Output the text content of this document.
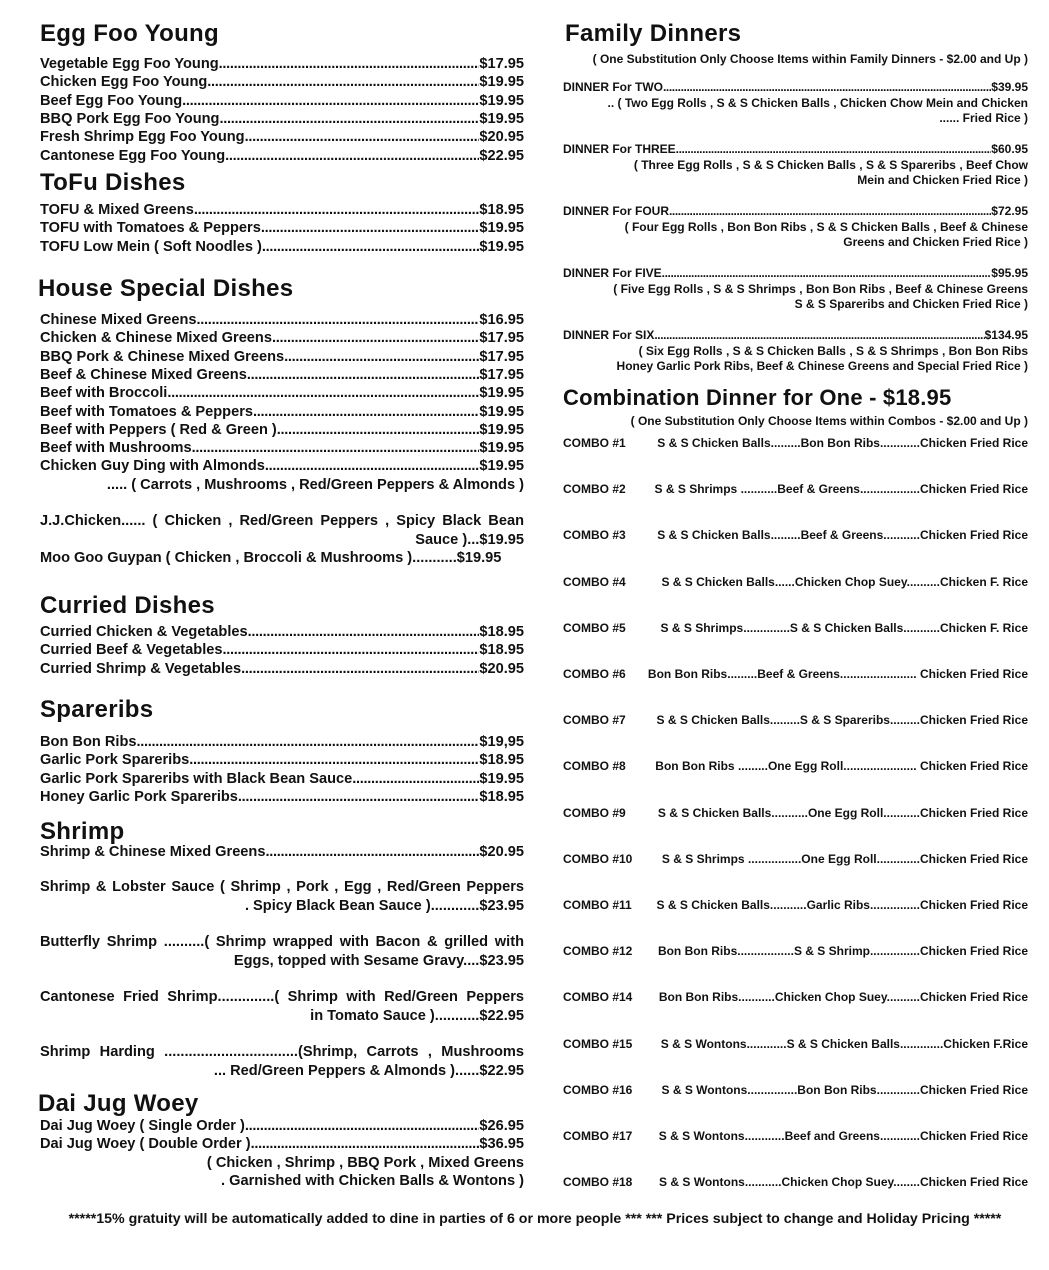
Egg Foo Young
Vegetable Egg Foo Young .....	$17.95
Chicken Egg Foo Young .....	$19.95
Beef Egg Foo Young .....	$19.95
BBQ Pork Egg Foo Young .....	$19.95
Fresh Shrimp Egg Foo Young .....	$20.95
Cantonese Egg Foo Young .....	$22.95
ToFu Dishes
TOFU & Mixed Greens .....	$18.95
TOFU with Tomatoes & Peppers .....	$19.95
TOFU Low Mein ( Soft Noodles ) .....	$19.95
House Special Dishes
Chinese Mixed Greens .....	$16.95
Chicken & Chinese Mixed Greens .....	$17.95
BBQ Pork & Chinese Mixed Greens .....	$17.95
Beef & Chinese Mixed Greens .....	$17.95
Beef with Broccoli .....	$19.95
Beef with Tomatoes & Peppers .....	$19.95
Beef with Peppers ( Red & Green ) .....	$19.95
Beef with Mushrooms .....	$19.95
Chicken Guy Ding with Almonds .....	$19.95
..... ( Carrots , Mushrooms , Red/Green Peppers & Almonds )
J.J.Chicken...... ( Chicken , Red/Green Peppers , Spicy Black Bean
Sauce )...$19.95
Moo Goo Guypan ( Chicken , Broccoli & Mushrooms )...........$19.95
Curried Dishes
Curried Chicken & Vegetables .....	$18.95
Curried Beef & Vegetables .....	$18.95
Curried Shrimp & Vegetables .....	$20.95
Spareribs
Bon Bon Ribs .....	$19,95
Garlic Pork Spareribs .....	$18.95
Garlic Pork Spareribs with Black Bean Sauce .....	$19.95
Honey Garlic Pork Spareribs .....	$18.95
Shrimp
Shrimp & Chinese Mixed Greens .....	$20.95
Shrimp & Lobster Sauce ( Shrimp , Pork , Egg , Red/Green Peppers
. Spicy Black Bean Sauce )............$23.95
Butterfly Shrimp ..........( Shrimp wrapped with Bacon & grilled with
Eggs, topped with Sesame Gravy....$23.95
Cantonese Fried Shrimp..............( Shrimp with Red/Green Peppers
in Tomato Sauce )...........$22.95
Shrimp Harding .................................(Shrimp, Carrots , Mushrooms
... Red/Green Peppers & Almonds )......$22.95
Dai Jug Woey
Dai Jug Woey ( Single Order ) .....	$26.95
Dai Jug Woey ( Double Order ) .....	$36.95
( Chicken , Shrimp , BBQ Pork , Mixed Greens
. Garnished with Chicken Balls & Wontons )
Family Dinners
( One Substitution Only Choose Items within Family Dinners - $2.00 and Up )
DINNER For TWO .....	$39.95
.. ( Two Egg Rolls , S & S Chicken Balls , Chicken Chow Mein and Chicken
...... Fried Rice )
DINNER For THREE .....	$60.95
( Three Egg Rolls , S & S Chicken Balls , S & S Spareribs , Beef Chow
Mein and Chicken Fried Rice )
DINNER For FOUR .....	$72.95
( Four Egg Rolls , Bon Bon Ribs , S & S Chicken Balls , Beef & Chinese
Greens and Chicken Fried Rice )
DINNER For FIVE .....	$95.95
( Five Egg Rolls , S & S Shrimps , Bon Bon Ribs , Beef & Chinese Greens
S & S Spareribs and Chicken Fried Rice )
DINNER For SIX .....	$134.95
( Six Egg Rolls , S & S Chicken Balls , S & S Shrimps , Bon Bon Ribs
Honey Garlic Pork Ribs, Beef & Chinese Greens and Special Fried Rice )
Combination Dinner for One - $18.95
( One Substitution Only Choose Items within Combos - $2.00 and Up )
COMBO #1	S & S Chicken Balls.........Bon Bon Ribs............Chicken Fried Rice
COMBO #2	S & S Shrimps ...........Beef & Greens..................Chicken Fried Rice
COMBO #3	S & S Chicken Balls.........Beef & Greens...........Chicken Fried Rice
COMBO #4	S & S Chicken Balls......Chicken Chop Suey..........Chicken F. Rice
COMBO #5	S & S Shrimps..............S & S Chicken Balls...........Chicken F. Rice
COMBO #6	Bon Bon Ribs.........Beef & Greens....................... Chicken Fried Rice
COMBO #7	S & S Chicken Balls.........S & S Spareribs.........Chicken Fried Rice
COMBO #8	Bon Bon Ribs .........One Egg Roll...................... Chicken Fried Rice
COMBO #9	S & S Chicken Balls...........One Egg Roll...........Chicken Fried Rice
COMBO #10	S & S Shrimps ................One Egg Roll.............Chicken Fried Rice
COMBO #11	S & S Chicken Balls...........Garlic Ribs...............Chicken Fried Rice
COMBO #12	Bon Bon Ribs.................S & S Shrimp...............Chicken Fried Rice
COMBO #14	Bon Bon Ribs...........Chicken Chop Suey..........Chicken Fried Rice
COMBO #15	S & S Wontons............S & S Chicken Balls.............Chicken F.Rice
COMBO #16	S & S Wontons...............Bon Bon Ribs.............Chicken Fried Rice
COMBO #17	S & S Wontons............Beef and Greens............Chicken Fried Rice
COMBO #18	S & S Wontons...........Chicken Chop Suey........Chicken Fried Rice
*****15% gratuity will be automatically added to dine in parties of 6 or more people *** *** Prices subject to change and Holiday Pricing *****
